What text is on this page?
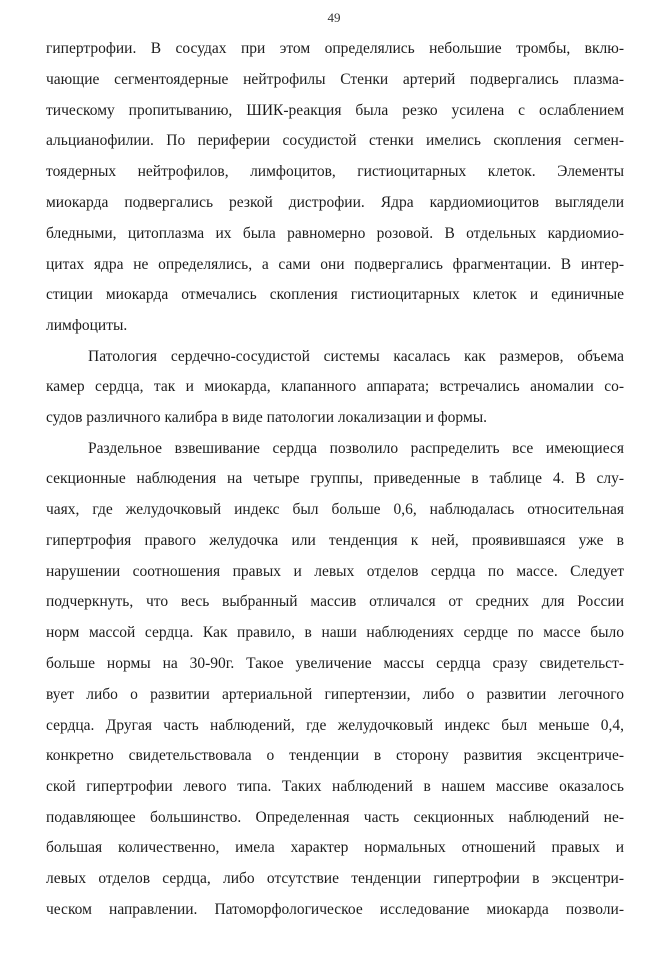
49
гипертрофии. В сосудах при этом определялись небольшие тромбы, вклю-
чающие сегментоядерные нейтрофилы Стенки артерий подвергались плазма-
тическому пропитыванию, ШИК-реакция была резко усилена с ослаблением
альцианофилии. По периферии сосудистой стенки имелись скопления сегмен-
тоядерных нейтрофилов, лимфоцитов, гистиоцитарных клеток. Элементы
миокарда подвергались резкой дистрофии. Ядра кардиомиоцитов выглядели
бледными, цитоплазма их была равномерно розовой. В отдельных кардиомио-
цитах ядра не определялись, а сами они подвергались фрагментации. В интер-
стиции миокарда отмечались скопления гистиоцитарных клеток и единичные
лимфоциты.
Патология сердечно-сосудистой системы касалась как размеров, объема
камер сердца, так и миокарда, клапанного аппарата; встречались аномалии со-
судов различного калибра в виде патологии локализации и формы.
Раздельное взвешивание сердца позволило распределить все имеющиеся
секционные наблюдения на четыре группы, приведенные в таблице 4. В слу-
чаях, где желудочковый индекс был больше 0,6, наблюдалась относительная
гипертрофия правого желудочка или тенденция к ней, проявившаяся уже в
нарушении соотношения правых и левых отделов сердца по массе. Следует
подчеркнуть, что весь выбранный массив отличался от средних для России
норм массой сердца. Как правило, в наши наблюдениях сердце по массе было
больше нормы на 30-90г. Такое увеличение массы сердца сразу свидетельст-
вует либо о развитии артериальной гипертензии, либо о развитии легочного
сердца. Другая часть наблюдений, где желудочковый индекс был меньше 0,4,
конкретно свидетельствовала о тенденции в сторону развития эксцентриче-
ской гипертрофии левого типа. Таких наблюдений в нашем массиве оказалось
подавляющее большинство. Определенная часть секционных наблюдений не-
большая количественно, имела характер нормальных отношений правых и
левых отделов сердца, либо отсутствие тенденции гипертрофии в эксцентри-
ческом направлении. Патоморфологическое исследование миокарда позволи-
